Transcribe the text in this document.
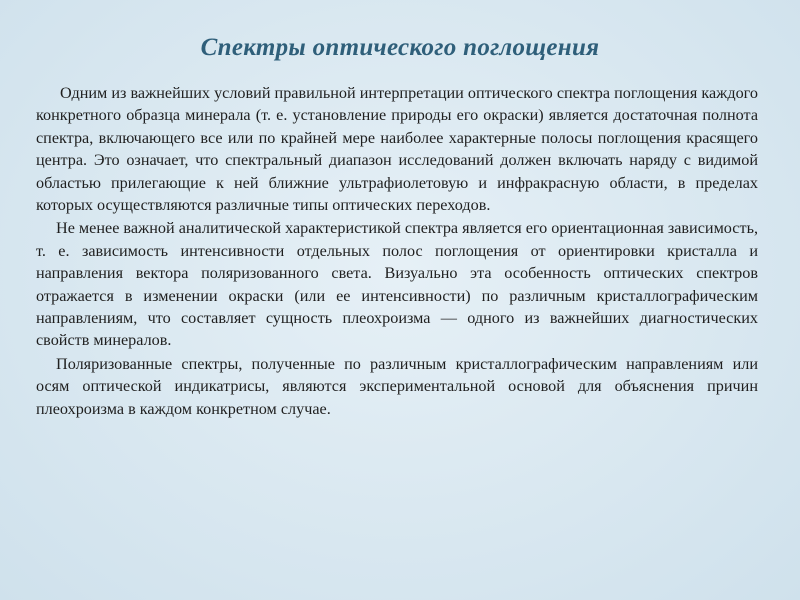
Спектры оптического поглощения

Одним из важнейших условий правильной интерпретации оптического спектра поглощения каждого конкретного образца минерала (т. е. установление природы его окраски) является достаточная полнота спектра, включающего все или по крайней мере наиболее характерные полосы поглощения красящего центра. Это означает, что спектральный диапазон исследований должен включать наряду с видимой областью прилегающие к ней ближние ультрафиолетовую и инфракрасную области, в пределах которых осуществляются различные типы оптических переходов.

Не менее важной аналитической характеристикой спектра является его ориентационная зависимость, т. е. зависимость интенсивности отдельных полос поглощения от ориентировки кристалла и направления вектора поляризованного света. Визуально эта особенность оптических спектров отражается в изменении окраски (или ее интенсивности) по различным кристаллографическим направлениям, что составляет сущность плеохроизма — одного из важнейших диагностических свойств минералов.

Поляризованные спектры, полученные по различным кристаллографическим направлениям или осям оптической индикатрисы, являются экспериментальной основой для объяснения причин плеохроизма в каждом конкретном случае.
